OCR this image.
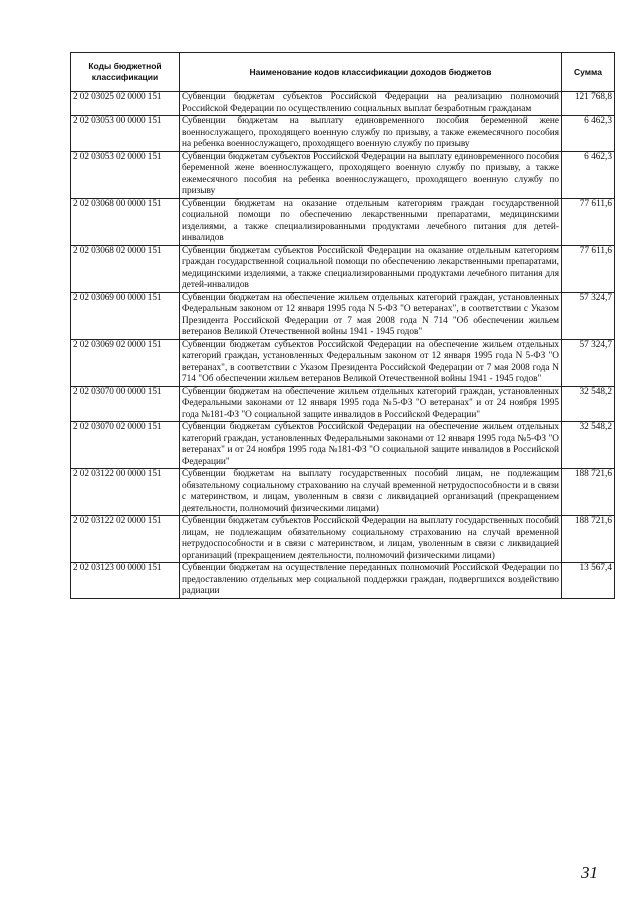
Коды бюджетной классификации	Наименование кодов классификации доходов бюджетов	Сумма
2 02 03025 02 0000 151	Субвенции бюджетам субъектов Российской Федерации на реализацию полномочий Российской Федерации по осуществлению социальных выплат безработным гражданам	121 768,8
2 02 03053 00 0000 151	Субвенции бюджетам на выплату единовременного пособия беременной жене военнослужащего, проходящего военную службу по призыву, а также ежемесячного пособия на ребенка военнослужащего, проходящего военную службу по призыву	6 462,3
2 02 03053 02 0000 151	Субвенции бюджетам субъектов Российской Федерации на выплату единовременного пособия беременной жене военнослужащего, проходящего военную службу по призыву, а также ежемесячного пособия на ребенка военнослужащего, проходящего военную службу по призыву	6 462,3
2 02 03068 00 0000 151	Субвенции бюджетам на оказание отдельным категориям граждан государственной социальной помощи по обеспечению лекарственными препаратами, медицинскими изделиями, а также специализированными продуктами лечебного питания для детей-инвалидов	77 611,6
2 02 03068 02 0000 151	Субвенции бюджетам субъектов Российской Федерации на оказание отдельным категориям граждан государственной социальной помощи по обеспечению лекарственными препаратами, медицинскими изделиями, а также специализированными продуктами лечебного питания для детей-инвалидов	77 611,6
2 02 03069 00 0000 151	Субвенции бюджетам на обеспечение жильем отдельных категорий граждан, установленных Федеральным законом от 12 января 1995 года N 5-ФЗ "О ветеранах", в соответствии с Указом Президента Российской Федерации от 7 мая 2008 года N 714 "Об обеспечении жильем ветеранов Великой Отечественной войны 1941 - 1945 годов"	57 324,7
2 02 03069 02 0000 151	Субвенции бюджетам субъектов Российской Федерации на обеспечение жильем отдельных категорий граждан, установленных Федеральным законом от 12 января 1995 года N 5-ФЗ "О ветеранах", в соответствии с Указом Президента Российской Федерации от 7 мая 2008 года N 714 "Об обеспечении жильем ветеранов Великой Отечественной войны 1941 - 1945 годов"	57 324,7
2 02 03070 00 0000 151	Субвенции бюджетам на обеспечение жильем отдельных категорий граждан, установленных Федеральными законами от 12 января 1995 года №5-ФЗ "О ветеранах" и от 24 ноября 1995 года №181-ФЗ "О социальной защите инвалидов в Российской Федерации"	32 548,2
2 02 03070 02 0000 151	Субвенции бюджетам субъектов Российской Федерации на обеспечение жильем отдельных категорий граждан, установленных Федеральными законами от 12 января 1995 года №5-ФЗ "О ветеранах" и от 24 ноября 1995 года №181-ФЗ "О социальной защите инвалидов в Российской Федерации"	32 548,2
2 02 03122 00 0000 151	Субвенции бюджетам на выплату государственных пособий лицам, не подлежащим обязательному социальному страхованию на случай временной нетрудоспособности и в связи с материнством, и лицам, уволенным в связи с ликвидацией организаций (прекращением деятельности, полномочий физическими лицами)	188 721,6
2 02 03122 02 0000 151	Субвенции бюджетам субъектов Российской Федерации на выплату государственных пособий лицам, не подлежащим обязательному социальному страхованию на случай временной нетрудоспособности и в связи с материнством, и лицам, уволенным в связи с ликвидацией организаций (прекращением деятельности, полномочий физическими лицами)	188 721,6
2 02 03123 00 0000 151	Субвенции бюджетам на осуществление переданных полномочий Российской Федерации по предоставлению отдельных мер социальной поддержки граждан, подвергшихся воздействию радиации	13 567,4
31
